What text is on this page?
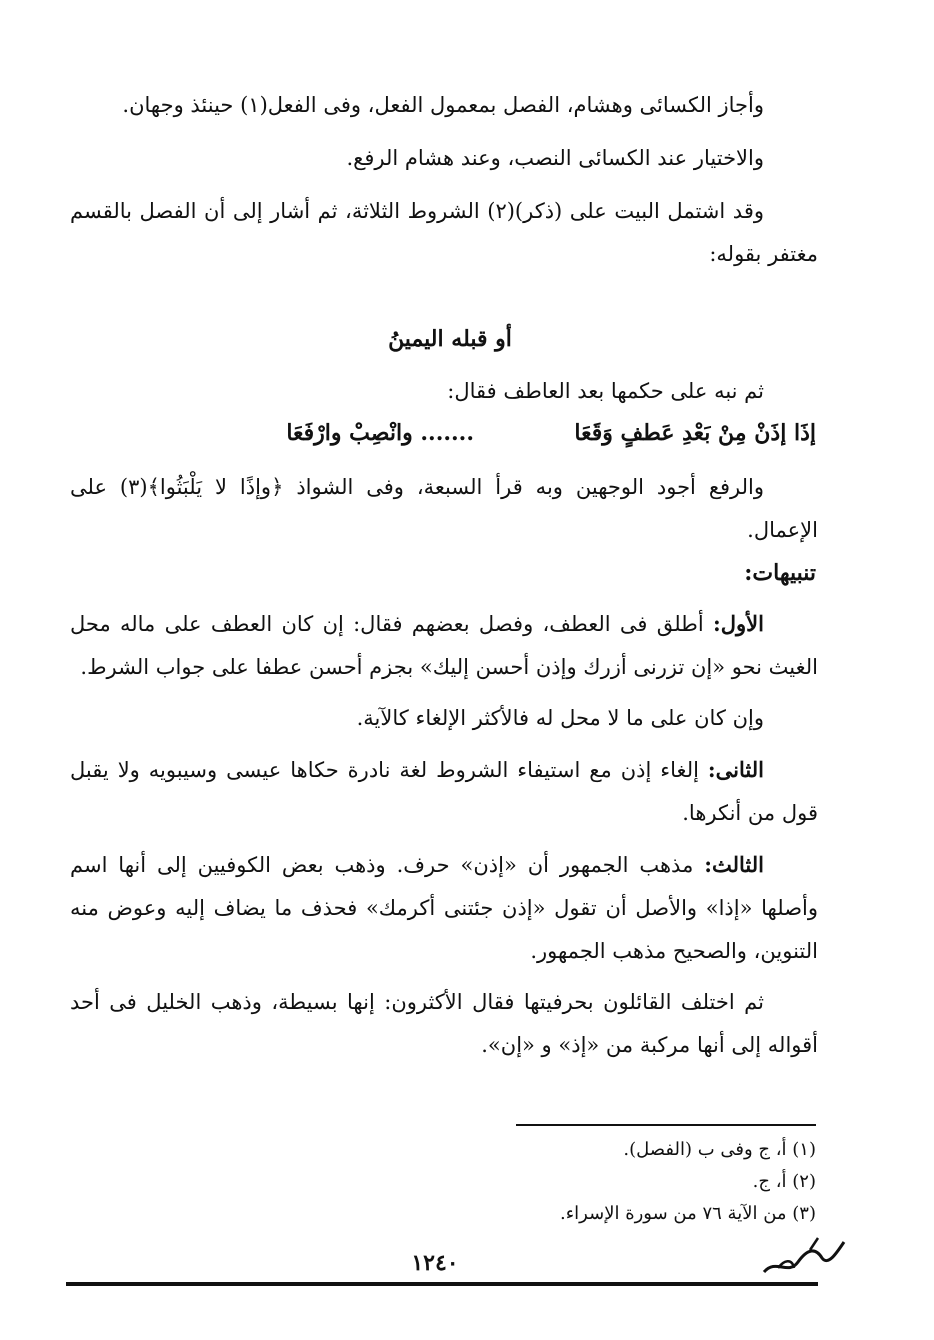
وأجاز الكسائى وهشام، الفصل بمعمول الفعل، وفى الفعل(١) حينئذ وجهان.

والاختيار عند الكسائى النصب، وعند هشام الرفع.

وقد اشتمل البيت على (ذكر)(٢) الشروط الثلاثة، ثم أشار إلى أن الفصل بالقسم مغتفر بقوله:

أو قبله اليمينُ

ثم نبه على حكمها بعد العاطف فقال:

إذَا إذَنْ مِنْ بَعْدِ عَطفٍ وَقَعَا
....... وانْصِبْ وارْفَعَا

والرفع أجود الوجهين وبه قرأ السبعة، وفى الشواذ ﴿وإذًا لا يَلْبَثُوا﴾(٣) على الإعمال.

تنبيهات:

الأول: أطلق فى العطف، وفصل بعضهم فقال: إن كان العطف على ماله محل الغيث نحو «إن تزرنى أزرك وإذن أحسن إليك» بجزم أحسن عطفا على جواب الشرط.

وإن كان على ما لا محل له فالأكثر الإلغاء كالآية.

الثانى: إلغاء إذن مع استيفاء الشروط لغة نادرة حكاها عيسى وسيبويه ولا يقبل قول من أنكرها.

الثالث: مذهب الجمهور أن «إذن» حرف. وذهب بعض الكوفيين إلى أنها اسم وأصلها «إذا» والأصل أن تقول «إذن جئتنى أكرمك» فحذف ما يضاف إليه وعوض منه التنوين، والصحيح مذهب الجمهور.

ثم اختلف القائلون بحرفيتها فقال الأكثرون: إنها بسيطة، وذهب الخليل فى أحد أقواله إلى أنها مركبة من «إذ» و «إن».

(١) أ، ج وفى ب (الفصل).
(٢) أ، ج.
(٣) من الآية ٧٦ من سورة الإسراء.
١٢٤٠
